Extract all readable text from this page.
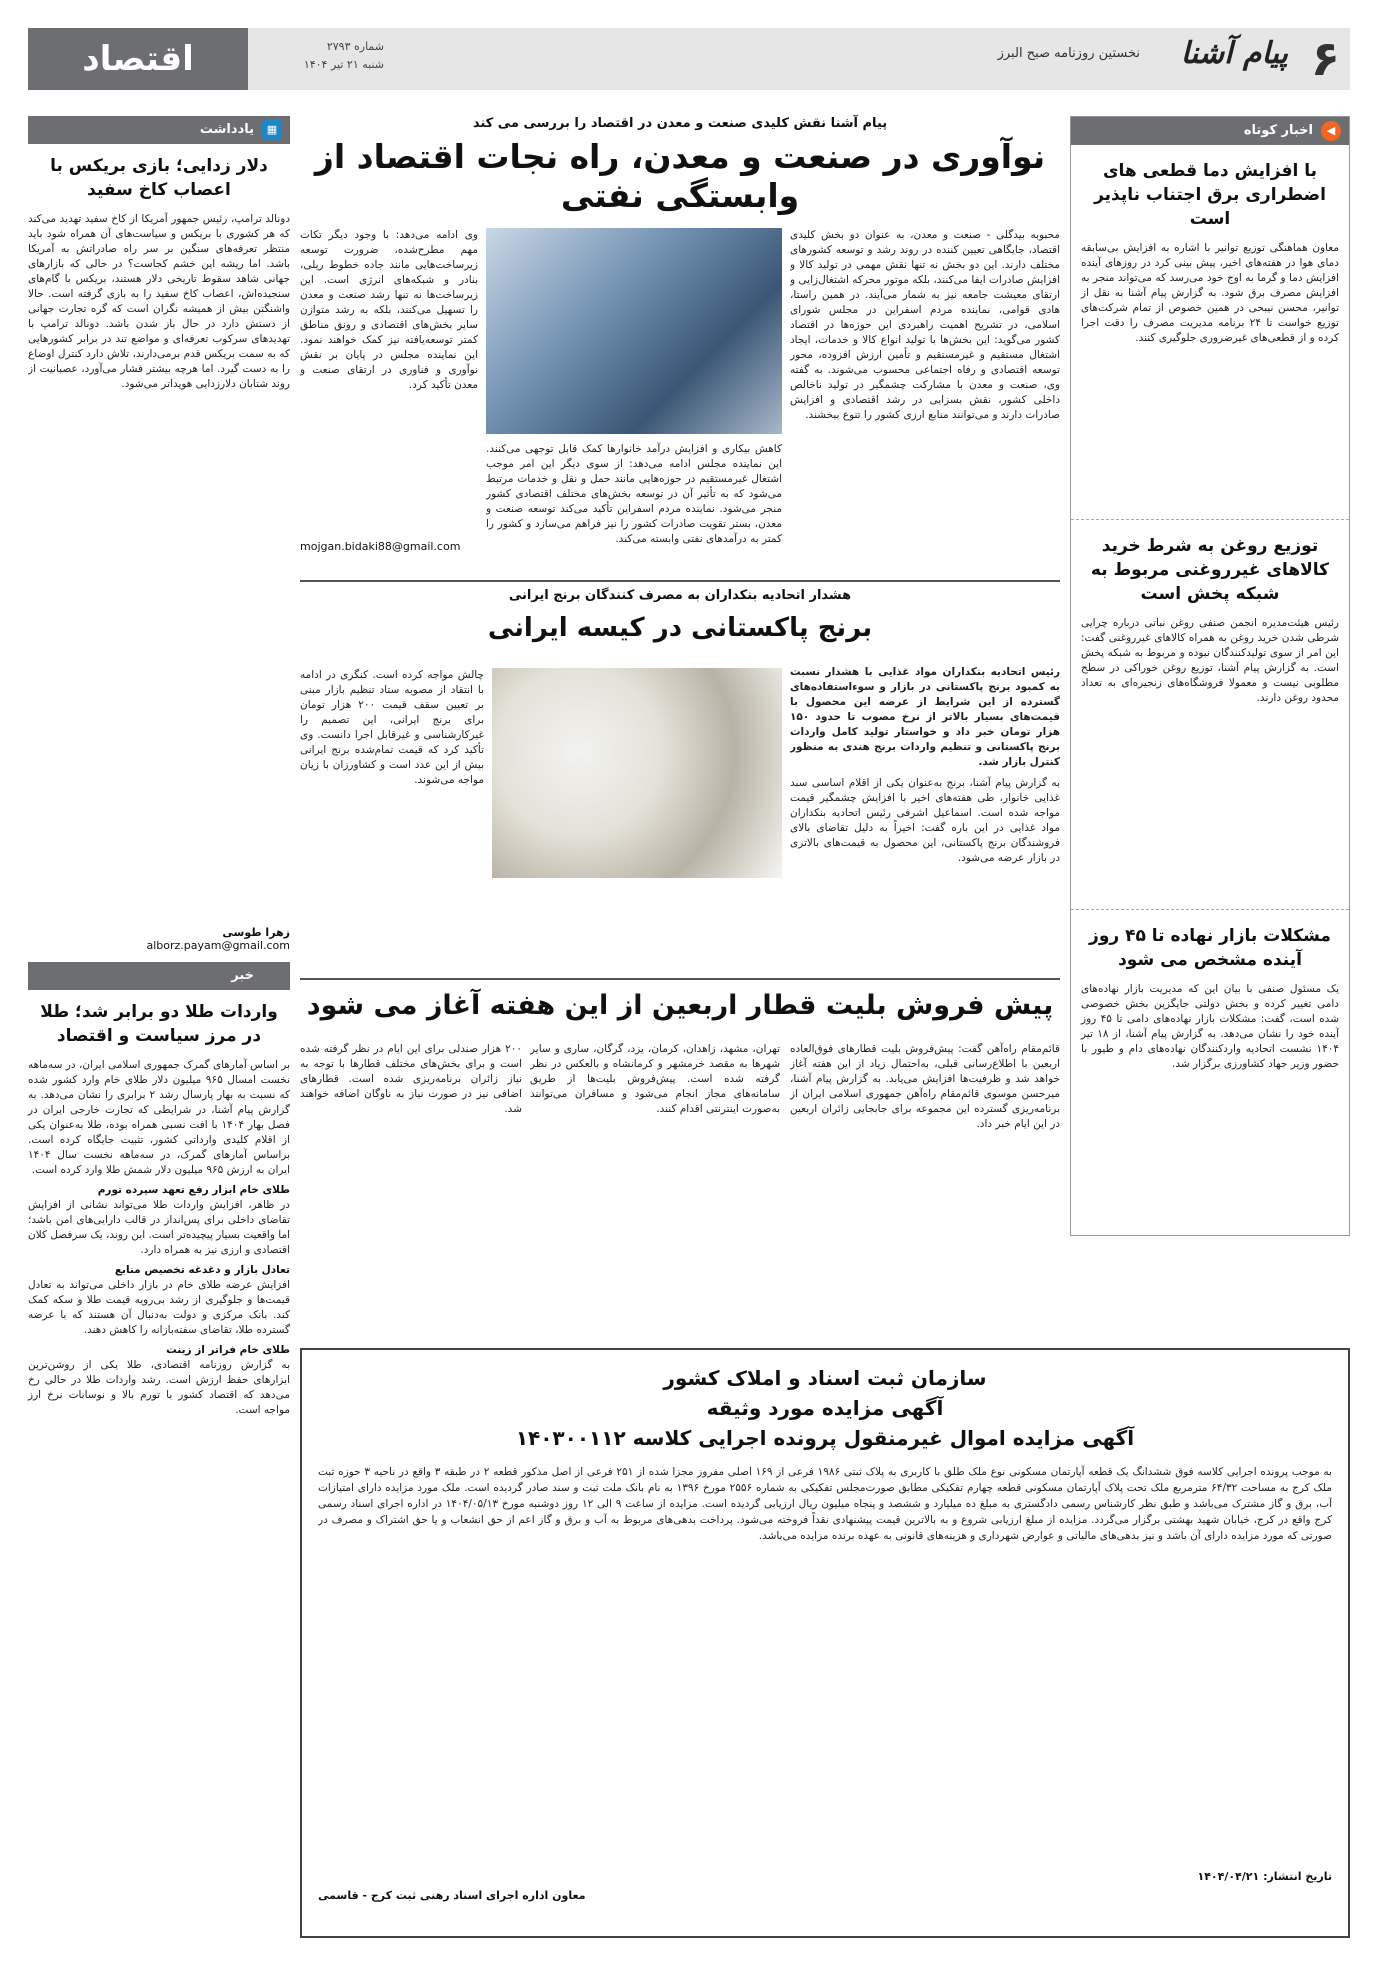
اقتصاد	شماره ۲۷۹۳
شنبه ۲۱ تیر ۱۴۰۴	۶
پیام آشنا
نخستین روزنامه صبح البرز
◀
اخبار کوتاه
با افزایش دما قطعی های اضطراری برق اجتناب ناپذیر است

معاون هماهنگی توزیع توانیر با اشاره به افزایش بی‌سابقه دمای هوا در هفته‌های اخیر، پیش بینی کرد در روزهای آینده افزایش دما و گرما به اوج خود می‌رسد که می‌تواند منجر به افزایش مصرف برق شود. به گزارش پیام آشنا به نقل از توانیر، محسن نیبحی در همین خصوص از تمام شرکت‌های توزیع خواست تا ۲۴ برنامه مدیریت مصرف را دقت اجرا کرده و از قطعی‌های غیرضروری جلوگیری کنند.

توزیع روغن به شرط خرید کالاهای غیرروغنی مربوط به شبکه پخش است

رئیس هیئت‌مدیره انجمن صنفی روغن نباتی درباره چرایی شرطی شدن خرید روغن به همراه کالاهای غیرروغنی گفت: این امر از سوی تولیدکنندگان نبوده و مربوط به شبکه پخش است. به گزارش پیام آشنا، توزیع روغن خوراکی در سطح مطلوبی نیست و معمولا فروشگاه‌های زنجیره‌ای به تعداد محدود روغن دارند.

مشکلات بازار نهاده تا ۴۵ روز آینده مشخص می شود

یک مسئول صنفی با بیان این که مدیریت بازار نهاده‌های دامی تغییر کرده و بخش دولتی جایگزین بخش خصوصی شده است، گفت: مشکلات بازار نهاده‌های دامی تا ۴۵ روز آینده خود را نشان می‌دهد. به گزارش پیام آشنا، از ۱۸ تیر ۱۴۰۴ نشست اتحادیه واردکنندگان نهاده‌های دام و طیور با حضور وزیر جهاد کشاورزی برگزار شد.

▦
یادداشت
دلار زدایی؛ بازی بریکس با اعصاب کاخ سفید

دونالد ترامپ، رئیس جمهور آمریکا از کاخ سفید تهدید می‌کند که هر کشوری با بریکس و سیاست‌های آن همراه شود باید منتظر تعرفه‌های سنگین بر سر راه صادراتش به آمریکا باشد. اما ریشه این خشم کجاست؟ در حالی که بازارهای جهانی شاهد سقوط تاریخی دلار هستند، بریکس با گام‌های سنجیده‌اش، اعصاب کاخ سفید را به بازی گرفته است. حالا واشنگتن بیش از همیشه نگران است که گره تجارت جهانی از دستش دارد در حال باز شدن باشد. دونالد ترامپ با تهدیدهای سرکوب تعرفه‌ای و مواضع تند در برابر کشورهایی که به سمت بریکس قدم برمی‌دارند، تلاش دارد کنترل اوضاع را به دست گیرد. اما هرچه بیشتر فشار می‌آورد، عصبانیت از روند شتابان دلارزدایی هویداتر می‌شود.

زهرا طوسی
alborz.payam@gmail.com
خبر
واردات طلا دو برابر شد؛ طلا در مرز سیاست و اقتصاد

بر اساس آمارهای گمرک جمهوری اسلامی ایران، در سه‌ماهه نخست امسال ۹۶۵ میلیون دلار طلای خام وارد کشور شده که نسبت به بهار پارسال رشد ۲ برابری را نشان می‌دهد. به گزارش پیام آشنا، در شرایطی که تجارت خارجی ایران در فصل بهار ۱۴۰۴ با افت نسبی همراه بوده، طلا به‌عنوان یکی از اقلام کلیدی وارداتی کشور، تثبیت جایگاه کرده است. براساس آمارهای گمرک، در سه‌ماهه نخست سال ۱۴۰۴ ایران به ارزش ۹۶۵ میلیون دلار شمش طلا وارد کرده است.

طلای خام ابزار رفع تعهد سپرده تورم

در ظاهر، افزایش واردات طلا می‌تواند نشانی از افزایش تقاضای داخلی برای پس‌انداز در قالب دارایی‌های امن باشد؛ اما واقعیت بسیار پیچیده‌تر است. این روند، یک سرفصل کلان اقتصادی و ارزی نیز به همراه دارد.

تعادل بازار و دغدغه تخصیص منابع

افزایش عرضه طلای خام در بازار داخلی می‌تواند به تعادل قیمت‌ها و جلوگیری از رشد بی‌رویه قیمت طلا و سکه کمک کند. بانک مرکزی و دولت به‌دنبال آن هستند که با عرضه گسترده طلا، تقاضای سفته‌بازانه را کاهش دهند.

طلای خام فراتر از زینت

به گزارش روزنامه اقتصادی، طلا یکی از روشن‌ترین ابزارهای حفظ ارزش است. رشد واردات طلا در حالی رخ می‌دهد که اقتصاد کشور با تورم بالا و نوسانات نرخ ارز مواجه است.

پیام آشنا نقش کلیدی صنعت و معدن در اقتصاد را بررسی می کند
نوآوری در صنعت و معدن، راه نجات اقتصاد از وابستگی نفتی
محبوبه بیدگلی - صنعت و معدن، به عنوان دو بخش کلیدی اقتصاد، جایگاهی تعیین کننده در روند رشد و توسعه کشورهای مختلف دارند. این دو بخش نه تنها نقش مهمی در تولید کالا و افزایش صادرات ایفا می‌کنند، بلکه موتور محرکه اشتغال‌زایی و ارتقای معیشت جامعه نیز به شمار می‌آیند. در همین راستا، هادی قوامی، نماینده مردم اسفراین در مجلس شورای اسلامی، در تشریح اهمیت راهبردی این حوزه‌ها در اقتصاد کشور می‌گوید: این بخش‌ها با تولید انواع کالا و خدمات، ایجاد اشتغال مستقیم و غیرمستقیم و تأمین ارزش افزوده، محور توسعه اقتصادی و رفاه اجتماعی محسوب می‌شوند. به گفته وی، صنعت و معدن با مشارکت چشمگیر در تولید ناخالص داخلی کشور، نقش بسزایی در رشد اقتصادی و افزایش صادرات دارند و می‌توانند منابع ارزی کشور را تنوع ببخشند.
کاهش بیکاری و افزایش درآمد خانوارها کمک قابل توجهی می‌کنند. این نماینده مجلس ادامه می‌دهد: از سوی دیگر این امر موجب اشتغال غیرمستقیم در حوزه‌هایی مانند حمل و نقل و خدمات مرتبط می‌شود که به تأثیر آن در توسعه بخش‌های مختلف اقتصادی کشور منجر می‌شود. نماینده مردم اسفراین تأکید می‌کند توسعه صنعت و معدن، بستر تقویت صادرات کشور را نیز فراهم می‌سازد و کشور را کمتر به درآمدهای نفتی وابسته می‌کند.
وی ادامه می‌دهد: با وجود دیگر تکات مهم مطرح‌شده، ضرورت توسعه زیرساخت‌هایی مانند جاده خطوط ریلی، بنادر و شبکه‌های انرژی است. این زیرساخت‌ها نه تنها رشد صنعت و معدن را تسهیل می‌کنند، بلکه به رشد متوازن سایر بخش‌های اقتصادی و رونق مناطق کمتر توسعه‌یافته نیز کمک خواهند نمود. این نماینده مجلس در پایان بر نقش نوآوری و فناوری در ارتقای صنعت و معدن تأکید کرد.
mojgan.bidaki88@gmail.com
هشدار اتحادیه بنکداران به مصرف کنندگان برنج ایرانی
برنج پاکستانی در کیسه ایرانی

رئیس اتحادیه بنکداران مواد غذایی با هشدار نسبت به کمبود برنج پاکستانی در بازار و سوءاستفاده‌های گسترده از این شرایط از عرضه این محصول با قیمت‌های بسیار بالاتر از نرخ مصوب تا حدود ۱۵۰ هزار تومان خبر داد و خواستار تولید کامل واردات برنج پاکستانی و تنظیم واردات برنج هندی به منظور کنترل بازار شد.

به گزارش پیام آشنا، برنج به‌عنوان یکی از اقلام اساسی سبد غذایی خانوار، طی هفته‌های اخیر با افزایش چشمگیر قیمت مواجه شده است. اسماعیل اشرفی رئیس اتحادیه بنکداران مواد غذایی در این باره گفت: اخیراً به دلیل تقاضای بالای فروشندگان برنج پاکستانی، این محصول به قیمت‌های بالاتری در بازار عرضه می‌شود.

چالش مواجه کرده است. کنگری در ادامه با انتقاد از مصوبه ستاد تنظیم بازار مبنی بر تعیین سقف قیمت ۲۰۰ هزار تومان برای برنج ایرانی، این تصمیم را غیرکارشناسی و غیرقابل اجرا دانست. وی تأکید کرد که قیمت تمام‌شده برنج ایرانی بیش از این عدد است و کشاورزان با زیان مواجه می‌شوند.
پیش فروش بلیت قطار اربعین از این هفته آغاز می شود
قائم‌مقام راه‌آهن گفت: پیش‌فروش بلیت قطارهای فوق‌العاده اربعین با اطلاع‌رسانی قبلی، به‌احتمال زیاد از این هفته آغاز خواهد شد و ظرفیت‌ها افزایش می‌یابد. به گزارش پیام آشنا، میرحسن موسوی قائم‌مقام راه‌آهن جمهوری اسلامی ایران از برنامه‌ریزی گسترده این مجموعه برای جابجایی زائران اربعین در این ایام خبر داد.
تهران، مشهد، زاهدان، کرمان، یزد، گرگان، ساری و سایر شهرها به مقصد خرمشهر و کرمانشاه و بالعکس در نظر گرفته شده است. پیش‌فروش بلیت‌ها از طریق سامانه‌های مجاز انجام می‌شود و مسافران می‌توانند به‌صورت اینترنتی اقدام کنند.
۲۰۰ هزار صندلی برای این ایام در نظر گرفته شده است و برای بخش‌های مختلف قطارها با توجه به نیاز زائران برنامه‌ریزی شده است. قطارهای اضافی نیز در صورت نیاز به ناوگان اضافه خواهند شد.
سازمان ثبت اسناد و املاک کشور
آگهی مزایده مورد وثیقه
آگهی مزایده اموال غیرمنقول پرونده اجرایی کلاسه ۱۴۰۳۰۰۱۱۲

به موجب پرونده اجرایی کلاسه فوق ششدانگ یک قطعه آپارتمان مسکونی نوع ملک طلق با کاربری به پلاک ثبتی ۱۹۸۶ فرعی از ۱۶۹ اصلی مفروز مجزا شده از ۲۵۱ فرعی از اصل مذکور قطعه ۲ در طبقه ۳ واقع در ناحیه ۳ حوزه ثبت ملک کرج به مساحت ۶۴/۳۲ مترمربع ملک تحت پلاک آپارتمان مسکونی قطعه چهارم تفکیکی مطابق صورت‌مجلس تفکیکی به شماره ۲۵۵۶ مورخ ۱۳۹۶ به نام بانک ملت ثبت و سند صادر گردیده است. ملک مورد مزایده دارای امتیازات آب، برق و گاز مشترک می‌باشد و طبق نظر کارشناس رسمی دادگستری به مبلغ ده میلیارد و ششصد و پنجاه میلیون ریال ارزیابی گردیده است. مزایده از ساعت ۹ الی ۱۲ روز دوشنبه مورخ ۱۴۰۴/۰۵/۱۳ در اداره اجرای اسناد رسمی کرج واقع در کرج، خیابان شهید بهشتی برگزار می‌گردد. مزایده از مبلغ ارزیابی شروع و به بالاترین قیمت پیشنهادی نقداً فروخته می‌شود. پرداخت بدهی‌های مربوط به آب و برق و گاز اعم از حق انشعاب و یا حق اشتراک و مصرف در صورتی که مورد مزایده دارای آن باشد و نیز بدهی‌های مالیاتی و عوارض شهرداری و هزینه‌های قانونی به عهده برنده مزایده می‌باشد.

تاریخ انتشار: ۱۴۰۴/۰۴/۲۱
معاون اداره اجرای اسناد رهنی ثبت کرج - قاسمی
